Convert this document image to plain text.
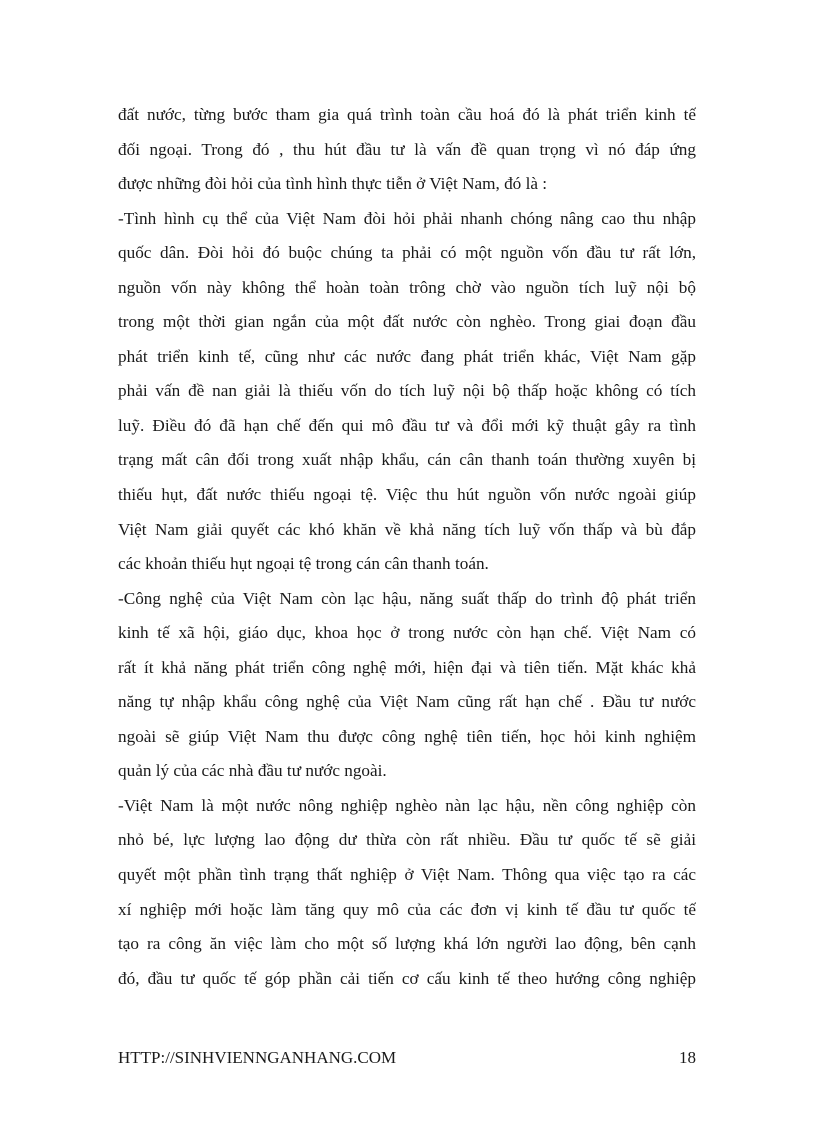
đất nước, từng bước tham gia quá trình toàn cầu hoá đó là phát triển kinh tế
đối ngoại. Trong đó , thu hút đầu tư là vấn đề quan trọng vì nó đáp ứng
được những đòi hỏi của tình hình thực tiễn ở Việt Nam, đó là :
-Tình hình cụ thể của Việt Nam đòi hỏi phải nhanh chóng nâng cao thu nhập
quốc dân. Đòi hỏi đó buộc chúng ta phải có một nguồn vốn đầu tư rất lớn,
nguồn vốn này không thể hoàn toàn trông chờ vào nguồn tích luỹ nội bộ
trong một thời gian ngắn của một đất nước còn nghèo. Trong giai đoạn đầu
phát triển kinh tế, cũng như các nước đang phát triển khác, Việt Nam gặp
phải vấn đề nan giải là thiếu vốn do tích luỹ nội bộ thấp hoặc không có tích
luỹ. Điều đó đã hạn chế đến qui mô đầu tư và đổi mới kỹ thuật gây ra tình
trạng mất cân đối trong xuất nhập khẩu, cán cân thanh toán thường xuyên bị
thiếu hụt, đất nước thiếu ngoại tệ. Việc thu hút nguồn vốn nước ngoài giúp
Việt Nam giải quyết các khó khăn về khả năng tích luỹ vốn thấp và bù đắp
các khoản thiếu hụt ngoại tệ trong cán cân thanh toán.
-Công nghệ của Việt Nam còn lạc hậu, năng suất thấp do trình độ phát triển
kinh tế xã hội, giáo dục, khoa học ở trong nước còn hạn chế. Việt Nam có
rất ít khả năng phát triển công nghệ mới, hiện đại và tiên tiến. Mặt khác khả
năng tự nhập khẩu công nghệ của Việt Nam cũng rất hạn chế . Đầu tư nước
ngoài sẽ giúp Việt Nam thu được công nghệ tiên tiến, học hỏi kinh nghiệm
quản lý của các nhà đầu tư nước ngoài.
-Việt Nam là một nước nông nghiệp nghèo nàn lạc hậu, nền công nghiệp còn
nhỏ bé, lực lượng lao động dư thừa còn rất nhiều. Đầu tư quốc tế sẽ giải
quyết một phần tình trạng thất nghiệp ở Việt Nam. Thông qua việc tạo ra các
xí nghiệp mới hoặc làm tăng quy mô của các đơn vị kinh tế đầu tư quốc tế
tạo ra công ăn việc làm cho một số lượng khá lớn người lao động, bên cạnh
đó, đầu tư quốc tế góp phần cải tiến cơ cấu kinh tế theo hướng công nghiệp
HTTP://SINHVIENNGANHANG.COM	18
